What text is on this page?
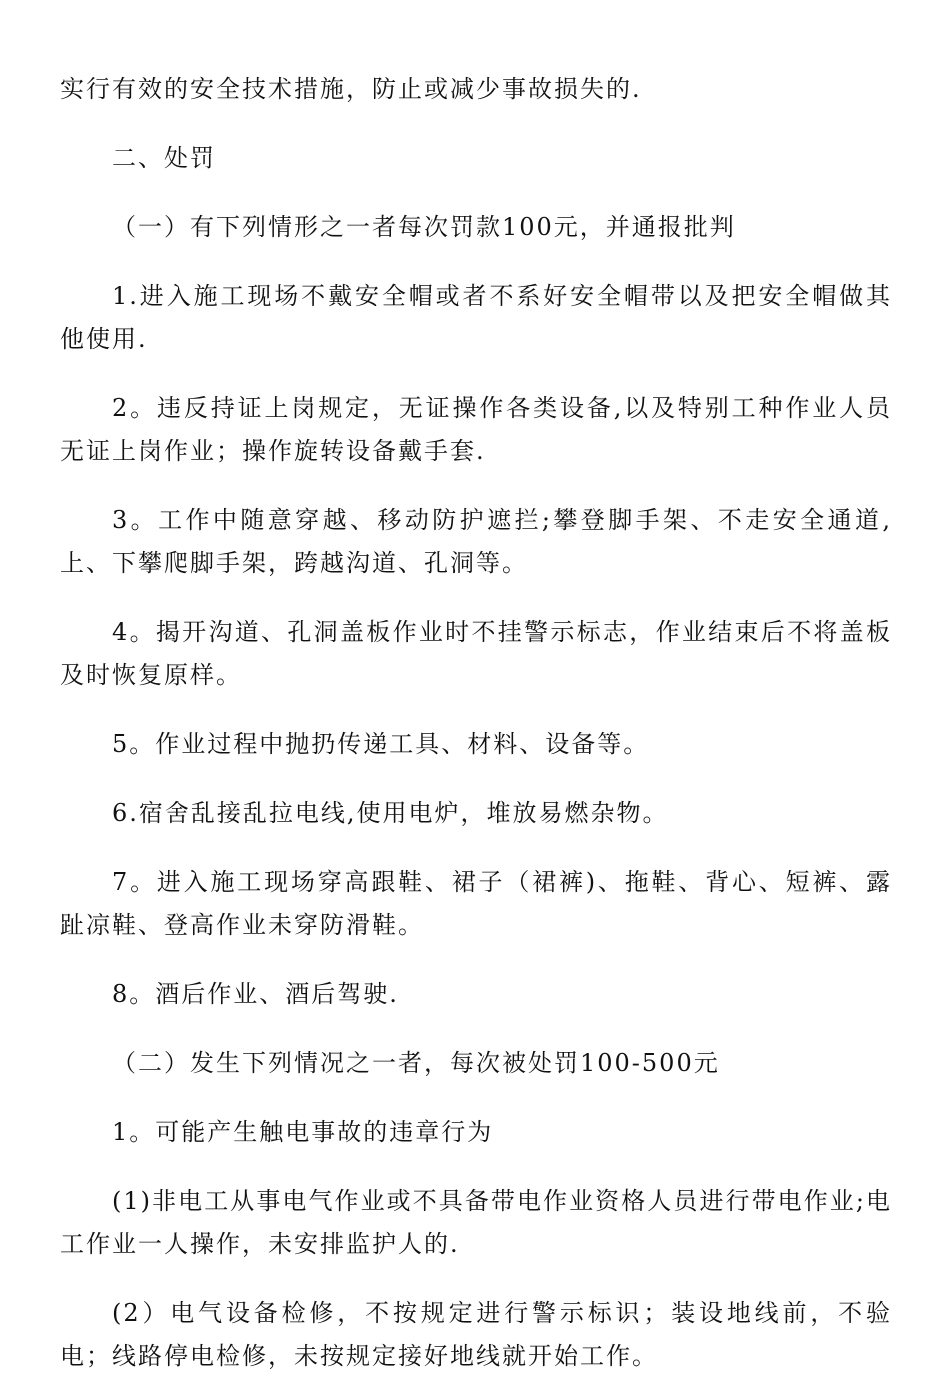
实行有效的安全技术措施，防止或减少事故损失的.

二、处罚

（一）有下列情形之一者每次罚款100元，并通报批判

1.进入施工现场不戴安全帽或者不系好安全帽带以及把安全帽做其他使用.

2。违反持证上岗规定，无证操作各类设备,以及特别工种作业人员无证上岗作业；操作旋转设备戴手套.

3。工作中随意穿越、移动防护遮拦;攀登脚手架、不走安全通道,上、下攀爬脚手架，跨越沟道、孔洞等。

4。揭开沟道、孔洞盖板作业时不挂警示标志，作业结束后不将盖板及时恢复原样。

5。作业过程中抛扔传递工具、材料、设备等。

6.宿舍乱接乱拉电线,使用电炉，堆放易燃杂物。

7。进入施工现场穿高跟鞋、裙子（裙裤)、拖鞋、背心、短裤、露趾凉鞋、登高作业未穿防滑鞋。

8。酒后作业、酒后驾驶.

（二）发生下列情况之一者，每次被处罚100-500元

1。可能产生触电事故的违章行为

(1)非电工从事电气作业或不具备带电作业资格人员进行带电作业;电工作业一人操作，未安排监护人的.

(2）电气设备检修，不按规定进行警示标识；装设地线前，不验电；线路停电检修，未按规定接好地线就开始工作。
